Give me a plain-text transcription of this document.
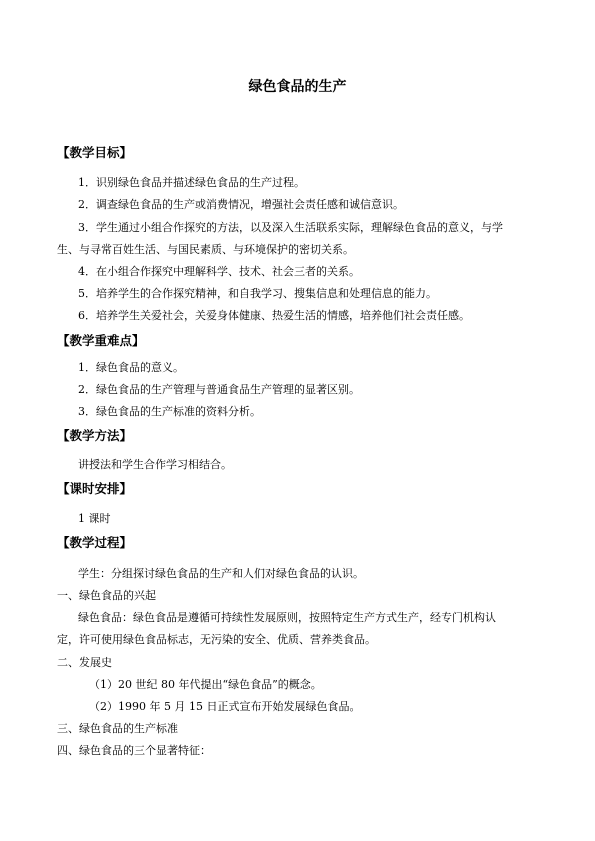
绿色食品的生产
【教学目标】
1．识别绿色食品并描述绿色食品的生产过程。
2．调查绿色食品的生产或消费情况，增强社会责任感和诚信意识。
3．学生通过小组合作探究的方法，以及深入生活联系实际，理解绿色食品的意义，与学
生、与寻常百姓生活、与国民素质、与环境保护的密切关系。
4．在小组合作探究中理解科学、技术、社会三者的关系。
5．培养学生的合作探究精神，和自我学习、搜集信息和处理信息的能力。
6．培养学生关爱社会，关爱身体健康、热爱生活的情感，培养他们社会责任感。
【教学重难点】
1．绿色食品的意义。
2．绿色食品的生产管理与普通食品生产管理的显著区别。
3．绿色食品的生产标准的资料分析。
【教学方法】
讲授法和学生合作学习相结合。
【课时安排】
1 课时
【教学过程】
学生：分组探讨绿色食品的生产和人们对绿色食品的认识。
一、绿色食品的兴起
绿色食品：绿色食品是遵循可持续性发展原则，按照特定生产方式生产，经专门机构认
定，许可使用绿色食品标志，无污染的安全、优质、营养类食品。
二、发展史
（1）20 世纪 80 年代提出“绿色食品”的概念。
（2）1990 年 5 月 15 日正式宣布开始发展绿色食品。
三、绿色食品的生产标准
四、绿色食品的三个显著特征：
